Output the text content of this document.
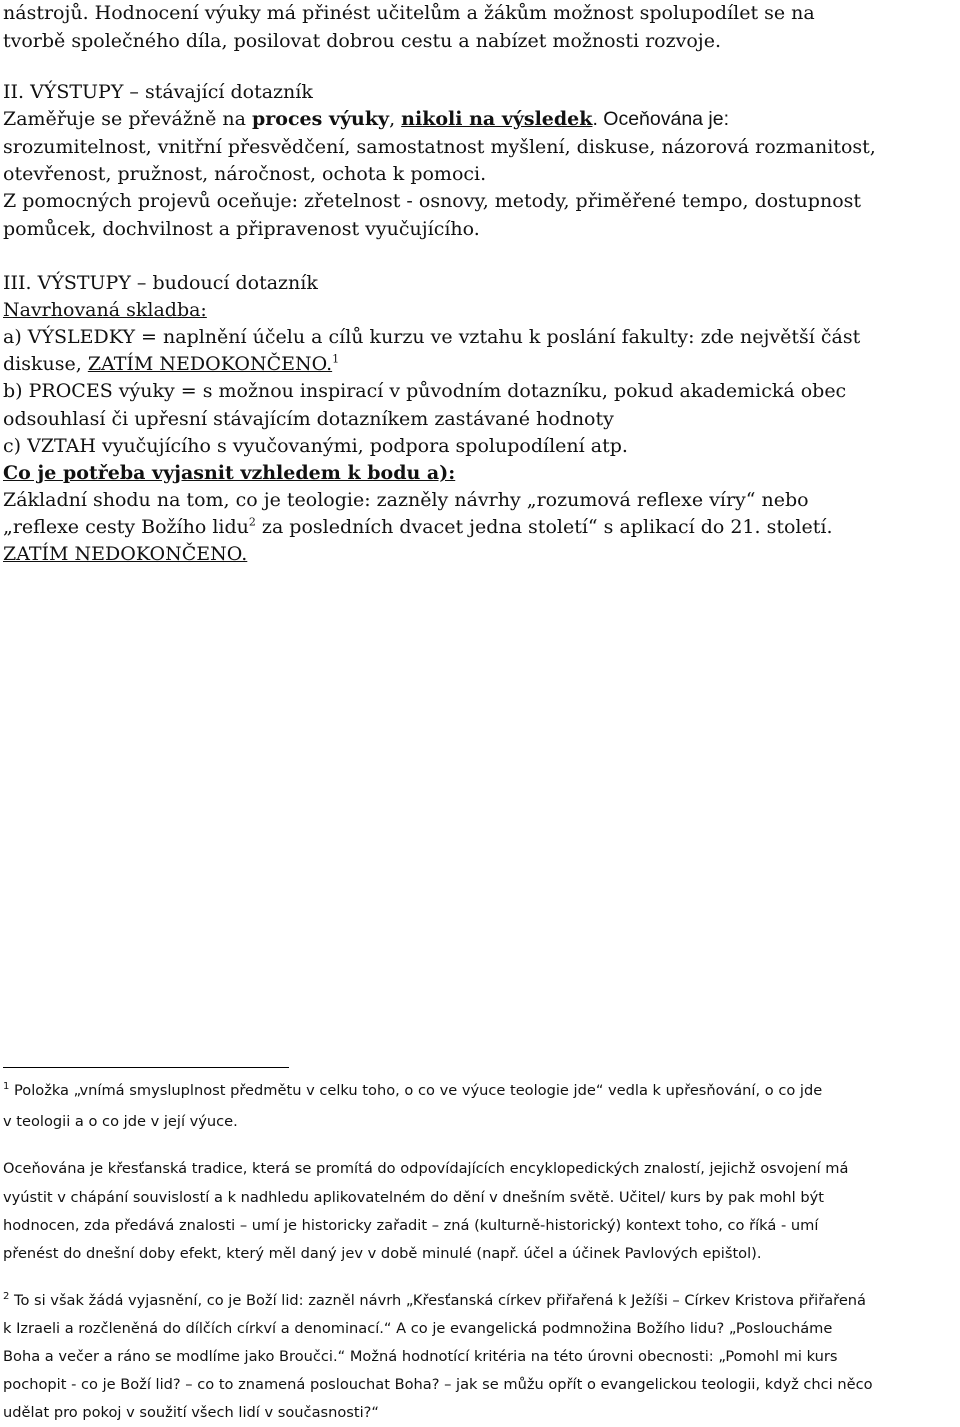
nástrojů. Hodnocení výuky má přinést učitelům a žákům možnost spolupodílet se na
tvorbě společného díla, posilovat dobrou cestu a nabízet možnosti rozvoje.
II. VÝSTUPY – stávající dotazník
Zaměřuje se převážně na proces výuky, nikoli na výsledek. Oceňována je:
srozumitelnost, vnitřní přesvědčení, samostatnost myšlení, diskuse, názorová rozmanitost,
otevřenost, pružnost, náročnost, ochota k pomoci.
Z pomocných projevů oceňuje: zřetelnost - osnovy, metody, přiměřené tempo, dostupnost
pomůcek, dochvilnost a připravenost vyučujícího.
III. VÝSTUPY – budoucí dotazník
Navrhovaná skladba:
a) VÝSLEDKY = naplnění účelu a cílů kurzu ve vztahu k poslání fakulty: zde největší část
diskuse, ZATÍM NEDOKONČENO.$^1$
b) PROCES výuky = s možnou inspirací v původním dotazníku, pokud akademická obec
odsouhlasí či upřesní stávajícím dotazníkem zastávané hodnoty
c) VZTAH vyučujícího s vyučovanými, podpora spolupodílení atp.
Co je potřeba vyjasnit vzhledem k bodu a):
Základní shodu na tom, co je teologie: zazněly návrhy „rozumová reflexe víry“ nebo
„reflexe cesty Božího lidu$^2$ za posledních dvacet jedna století“ s aplikací do 21. století.
ZATÍM NEDOKONČENO.
$^1$ Položka „vnímá smysluplnost předmětu v celku toho, o co ve výuce teologie jde“ vedla k upřesňování, o co jde
v teologii a o co jde v její výuce.
Oceňována je křesťanská tradice, která se promítá do odpovídajících encyklopedických znalostí, jejichž osvojení má
vyústit v chápání souvislostí a k nadhledu aplikovatelném do dění v dnešním světě. Učitel/ kurs by pak mohl být
hodnocen, zda předává znalosti – umí je historicky zařadit – zná (kulturně-historický) kontext toho, co říká - umí
přenést do dnešní doby efekt, který měl daný jev v době minulé (např. účel a účinek Pavlových epištol).
$^2$ To si však žádá vyjasnění, co je Boží lid: zazněl návrh „Křesťanská církev přiřařená k Ježíši – Církev Kristova přiřařená
k Izraeli a rozčleněná do dílčích církví a denominací.“ A co je evangelická podmnožina Božího lidu? „Posloucháme
Boha a večer a ráno se modlíme jako Broučci.“ Možná hodnotící kritéria na této úrovni obecnosti: „Pomohl mi kurs
pochopit - co je Boží lid? – co to znamená poslouchat Boha? – jak se můžu opřít o evangelickou teologii, když chci něco
udělat pro pokoj v soužití všech lidí v současnosti?“
